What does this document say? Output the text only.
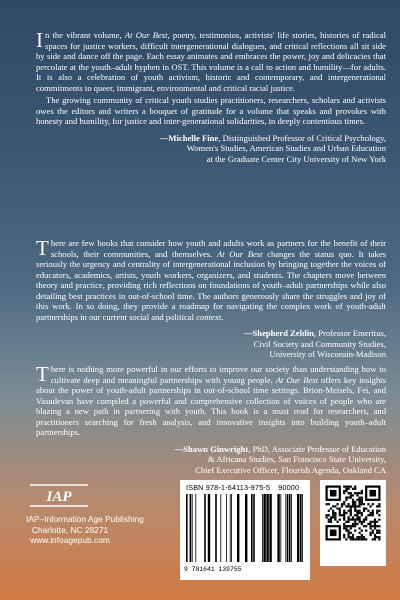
In the vibrant volume, At Our Best, poetry, testimonios, activists' life stories, histories of radical spaces for justice workers, difficult intergenerational dialogues, and critical reflections all sit side by side and dance off the page. Each essay animates and embraces the power, joy and delicacies that percolate at the youth–adult hyphen in OST. This volume is a call to action and humility—for adults. It is also a celebration of youth activism, historic and contemporary, and intergenerational commitments to queer, immigrant, environmental and critical racial justice.

The growing community of critical youth studies practitioners, researchers, scholars and activists owes the editors and writers a bouquet of gratitude for a volume that speaks and provokes with honesty and humility, for justice and inter-generational solidarities, in deeply contentious times.

—Michelle Fine, Distinguished Professor of Critical Psychology,
Women's Studies, American Studies and Urban Education
at the Graduate Center City University of New York

There are few books that consider how youth and adults work as partners for the benefit of their schools, their communities, and themselves. At Our Best changes the status quo. It takes seriously the urgency and centrality of intergenerational inclusion by bringing together the voices of educators, academics, artists, youth workers, organizers, and students. The chapters move between theory and practice, providing rich reflections on foundations of youth–adult partnerships while also detailing best practices in out-of-school time. The authors generously share the struggles and joy of this work. In so doing, they provide a roadmap for navigating the complex work of youth-adult partnerships in our current social and political context.

—Shepherd Zeldin, Professor Emeritus,
Civil Society and Community Studies,
University of Wisconsin-Madison

There is nothing more powerful in our efforts to improve our society than understanding how to cultivate deep and meaningful partnerships with young people. At Our Best offers key insights about the power of youth-adult partnerships in out-of-school time settings. Brion-Meisels, Fei, and Vasudevan have compiled a powerful and comprehensive collection of voices of people who are blazing a new path in partnering with youth. This book is a must read for researchers, and practitioners searching for fresh analysis, and innovative insights into building youth–adult partnerships.

—Shawn Ginwright, PhD, Associate Professor of Education
& Africana Studies, San Francisco State University,
Chief Executive Officer, Flourish Agenda, Oakland CA
IAP
IAP–Information Age Publishing
Charlotte, NC 28271
www.infoagepub.com
ISBN 978-1-64113-975-5 90000
9 781641 139755
